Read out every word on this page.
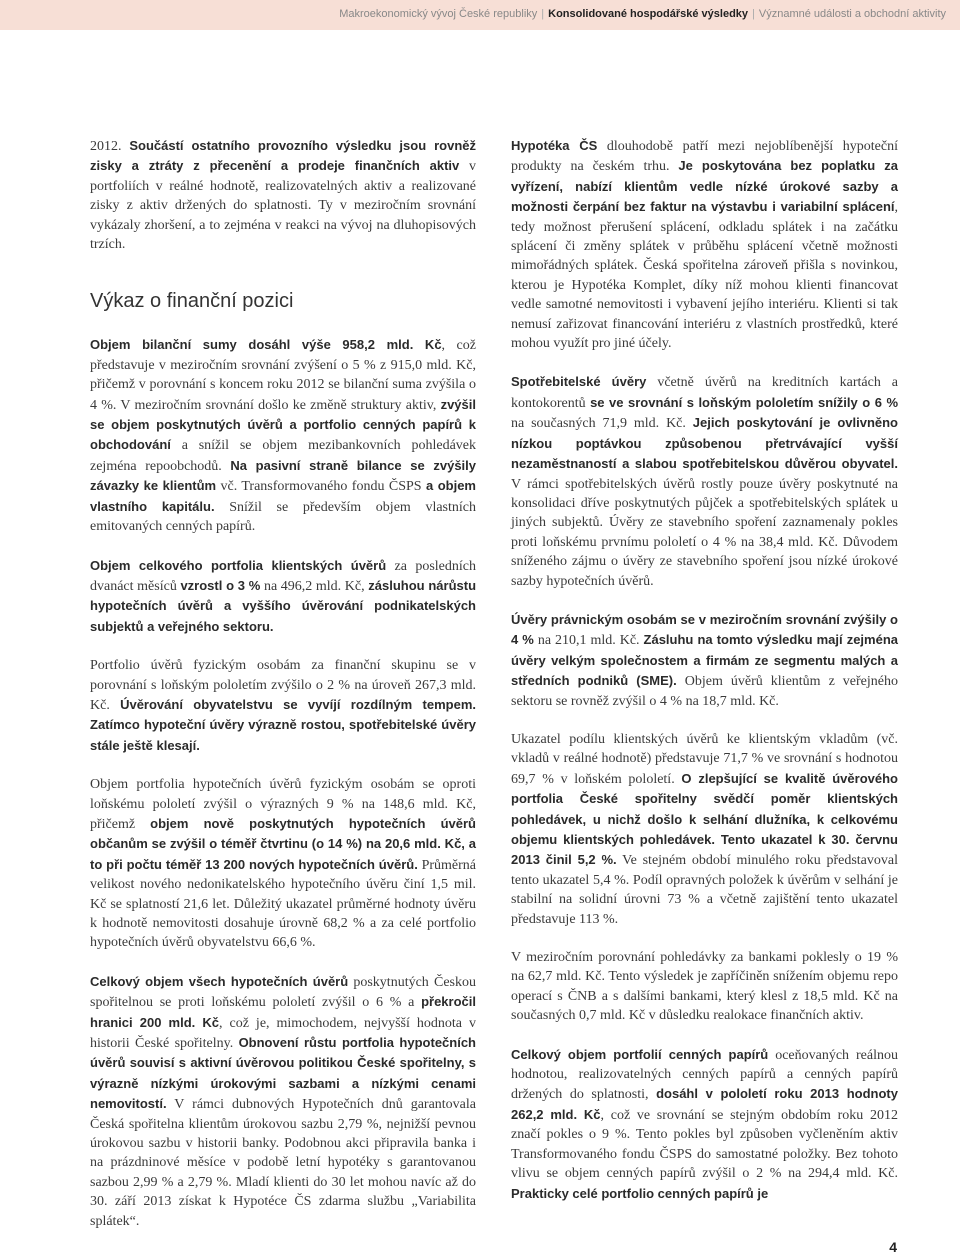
Makroekonomický vývoj České republiky | Konsolidované hospodářské výsledky | Významné události a obchodní aktivity

2012. Součástí ostatního provozního výsledku jsou rovněž zisky a ztráty z přecenění a prodeje finančních aktiv v portfoliích v reálné hodnotě, realizovatelných aktiv a realizované zisky z aktiv držených do splatnosti. Ty v meziročním srovnání vykázaly zhoršení, a to zejména v reakci na vývoj na dluhopisových trzích.

Výkaz o finanční pozici

Objem bilanční sumy dosáhl výše 958,2 mld. Kč, což představuje v meziročním srovnání zvýšení o 5 % z 915,0 mld. Kč, přičemž v porovnání s koncem roku 2012 se bilanční suma zvýšila o 4 %. V meziročním srovnání došlo ke změně struktury aktiv, zvýšil se objem poskytnutých úvěrů a portfolio cenných papírů k obchodování a snížil se objem mezibankovních pohledávek zejména repoobchodů. Na pasivní straně bilance se zvýšily závazky ke klientům vč. Transformovaného fondu ČSPS a objem vlastního kapitálu. Snížil se především objem vlastních emitovaných cenných papírů.

Objem celkového portfolia klientských úvěrů za posledních dvanáct měsíců vzrostl o 3 % na 496,2 mld. Kč, zásluhou nárůstu hypotečních úvěrů a vyššího úvěrování podnikatelských subjektů a veřejného sektoru.

Portfolio úvěrů fyzickým osobám za finanční skupinu se v porovnání s loňským pololetím zvýšilo o 2 % na úroveň 267,3 mld. Kč. Úvěrování obyvatelstvu se vyvíjí rozdílným tempem. Zatímco hypoteční úvěry výrazně rostou, spotřebitelské úvěry stále ještě klesají.

Objem portfolia hypotečních úvěrů fyzickým osobám se oproti loňskému pololetí zvýšil o výrazných 9 % na 148,6 mld. Kč, přičemž objem nově poskytnutých hypotečních úvěrů občanům se zvýšil o téměř čtvrtinu (o 14 %) na 20,6 mld. Kč, a to při počtu téměř 13 200 nových hypotečních úvěrů. Průměrná velikost nového nedonikatelského hypotečního úvěru činí 1,5 mil. Kč se splatností 21,6 let. Důležitý ukazatel průměrné hodnoty úvěru k hodnotě nemovitosti dosahuje úrovně 68,2 % a za celé portfolio hypotečních úvěrů obyvatelstvu 66,6 %.

Celkový objem všech hypotečních úvěrů poskytnutých Českou spořitelnou se proti loňskému pololetí zvýšil o 6 % a překročil hranici 200 mld. Kč, což je, mimochodem, nejvyšší hodnota v historii České spořitelny. Obnovení růstu portfolia hypotečních úvěrů souvisí s aktivní úvěrovou politikou České spořitelny, s výrazně nízkými úrokovými sazbami a nízkými cenami nemovitostí. V rámci dubnových Hypotečních dnů garantovala Česká spořitelna klientům úrokovou sazbu 2,79 %, nejnižší pevnou úrokovou sazbu v historii banky. Podobnou akci připravila banka i na prázdninové měsíce v podobě letní hypotéky s garantovanou sazbou 2,99 % a 2,79 %. Mladí klienti do 30 let mohou navíc až do 30. září 2013 získat k Hypotéce ČS zdarma službu „Variabilita splátek“.

Hypotéka ČS dlouhodobě patří mezi nejoblíbenější hypoteční produkty na českém trhu. Je poskytována bez poplatku za vyřízení, nabízí klientům vedle nízké úrokové sazby a možnosti čerpání bez faktur na výstavbu i variabilní splácení, tedy možnost přerušení splácení, odkladu splátek i na začátku splácení či změny splátek v průběhu splácení včetně možnosti mimořádných splátek. Česká spořitelna zároveň přišla s novinkou, kterou je Hypotéka Komplet, díky níž mohou klienti financovat vedle samotné nemovitosti i vybavení jejího interiéru. Klienti si tak nemusí zařizovat financování interiéru z vlastních prostředků, které mohou využít pro jiné účely.

Spotřebitelské úvěry včetně úvěrů na kreditních kartách a kontokorentů se ve srovnání s loňským pololetím snížily o 6 % na současných 71,9 mld. Kč. Jejich poskytování je ovlivněno nízkou poptávkou způsobenou přetrvávající vyšší nezaměstnaností a slabou spotřebitelskou důvěrou obyvatel. V rámci spotřebitelských úvěrů rostly pouze úvěry poskytnuté na konsolidaci dříve poskytnutých půjček a spotřebitelských splátek u jiných subjektů. Úvěry ze stavebního spoření zaznamenaly pokles proti loňskému prvnímu pololetí o 4 % na 38,4 mld. Kč. Důvodem sníženého zájmu o úvěry ze stavebního spoření jsou nízké úrokové sazby hypotečních úvěrů.

Úvěry právnickým osobám se v meziročním srovnání zvýšily o 4 % na 210,1 mld. Kč. Zásluhu na tomto výsledku mají zejména úvěry velkým společnostem a firmám ze segmentu malých a středních podniků (SME). Objem úvěrů klientům z veřejného sektoru se rovněž zvýšil o 4 % na 18,7 mld. Kč.

Ukazatel podílu klientských úvěrů ke klientským vkladům (vč. vkladů v reálné hodnotě) představuje 71,7 % ve srovnání s hodnotou 69,7 % v loňském pololetí. O zlepšující se kvalitě úvěrového portfolia České spořitelny svědčí poměr klientských pohledávek, u nichž došlo k selhání dlužníka, k celkovému objemu klientských pohledávek. Tento ukazatel k 30. červnu 2013 činil 5,2 %. Ve stejném období minulého roku představoval tento ukazatel 5,4 %. Podíl opravných položek k úvěrům v selhání je stabilní na solidní úrovni 73 % a včetně zajištění tento ukazatel představuje 113 %.

V meziročním porovnání pohledávky za bankami poklesly o 19 % na 62,7 mld. Kč. Tento výsledek je zapříčiněn snížením objemu repo operací s ČNB a s dalšími bankami, který klesl z 18,5 mld. Kč na současných 0,7 mld. Kč v důsledku realokace finančních aktiv.

Celkový objem portfolií cenných papírů oceňovaných reálnou hodnotou, realizovatelných cenných papírů a cenných papírů držených do splatnosti, dosáhl v pololetí roku 2013 hodnoty 262,2 mld. Kč, což ve srovnání se stejným obdobím roku 2012 značí pokles o 9 %. Tento pokles byl způsoben vyčleněním aktiv Transformovaného fondu ČSPS do samostatné položky. Bez tohoto vlivu se objem cenných papírů zvýšil o 2 % na 294,4 mld. Kč. Prakticky celé portfolio cenných papírů je

4
